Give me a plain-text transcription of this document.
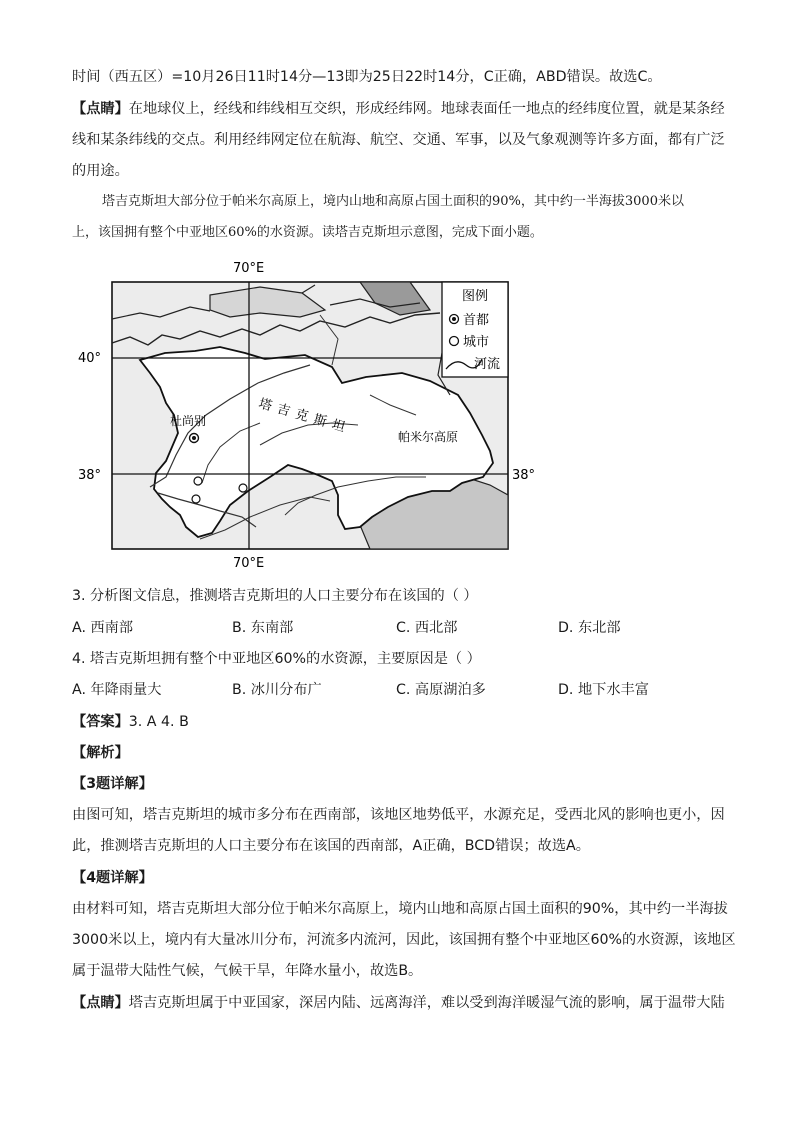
时间（西五区）=10月26日11时14分—13即为25日22时14分，C正确，ABD错误。故选C。
【点睛】在地球仪上，经线和纬线相互交织，形成经纬网。地球表面任一地点的经纬度位置，就是某条经
线和某条纬线的交点。利用经纬网定位在航海、航空、交通、军事，以及气象观测等许多方面，都有广泛
的用途。
塔吉克斯坦大部分位于帕米尔高原上，境内山地和高原占国土面积的90%，其中约一半海拔3000米以
上，该国拥有整个中亚地区60%的水资源。读塔吉克斯坦示意图，完成下面小题。
70°E
40°
38°	38°
杜尚别	塔吉克斯坦	帕米尔高原
图例
首都
城市
河流
70°E
3. 分析图文信息，推测塔吉克斯坦的人口主要分布在该国的（ ）
A. 西南部	B. 东南部	C. 西北部	D. 东北部
4. 塔吉克斯坦拥有整个中亚地区60%的水资源，主要原因是（ ）
A. 年降雨量大	B. 冰川分布广	C. 高原湖泊多	D. 地下水丰富
【答案】3. A 4. B
【解析】
【3题详解】
由图可知，塔吉克斯坦的城市多分布在西南部，该地区地势低平，水源充足，受西北风的影响也更小，因
此，推测塔吉克斯坦的人口主要分布在该国的西南部，A正确，BCD错误；故选A。
【4题详解】
由材料可知，塔吉克斯坦大部分位于帕米尔高原上，境内山地和高原占国土面积的90%，其中约一半海拔
3000米以上，境内有大量冰川分布，河流多内流河，因此，该国拥有整个中亚地区60%的水资源，该地区
属于温带大陆性气候，气候干旱，年降水量小，故选B。
【点睛】塔吉克斯坦属于中亚国家，深居内陆、远离海洋，难以受到海洋暖湿气流的影响，属于温带大陆
